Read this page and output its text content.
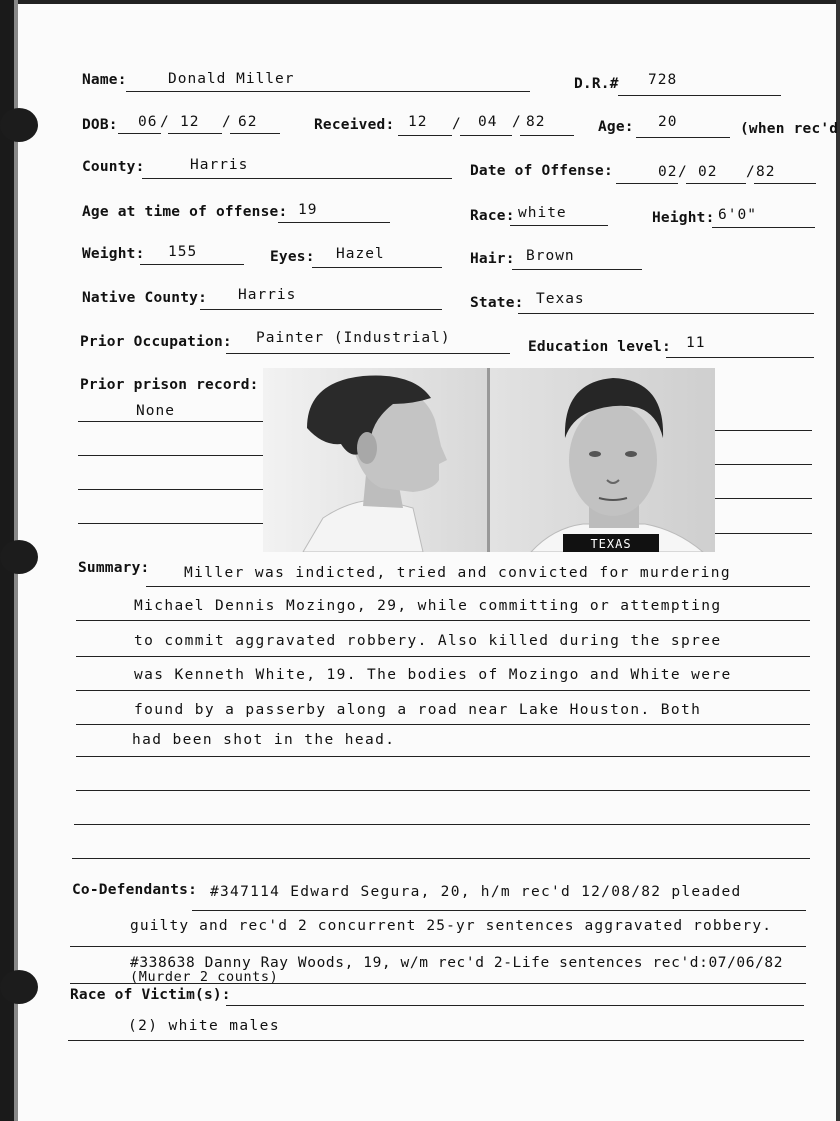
Name:	Donald Miller	D.R.# 728
DOB: 06 / 12 / 62	Received: 12 / 04 / 82	Age: 20	(when rec'd
County:	Harris	Date of Offense:	02 / 02 / 82
Age at time of offense: 19	Race: white	Height: 6'0"
Weight: 155	Eyes: Hazel	Hair: Brown
Native County: Harris	State: Texas
Prior Occupation: Painter (Industrial)
Education level: 11
Prior prison record:
None
TEXAS
Summary: Miller was indicted, tried and convicted for murdering
Michael Dennis Mozingo, 29, while committing or attempting
to commit aggravated robbery. Also killed during the spree
was Kenneth White, 19. The bodies of Mozingo and White were
found by a passerby along a road near Lake Houston. Both
had been shot in the head.
Co-Defendants: #347114 Edward Segura, 20, h/m rec'd 12/08/82 pleaded
guilty and rec'd 2 concurrent 25-yr sentences aggravated robbery.
#338638 Danny Ray Woods, 19, w/m rec'd 2-Life sentences rec'd:07/06/82
(Murder 2 counts)
Race of Victim(s):
(2) white males
